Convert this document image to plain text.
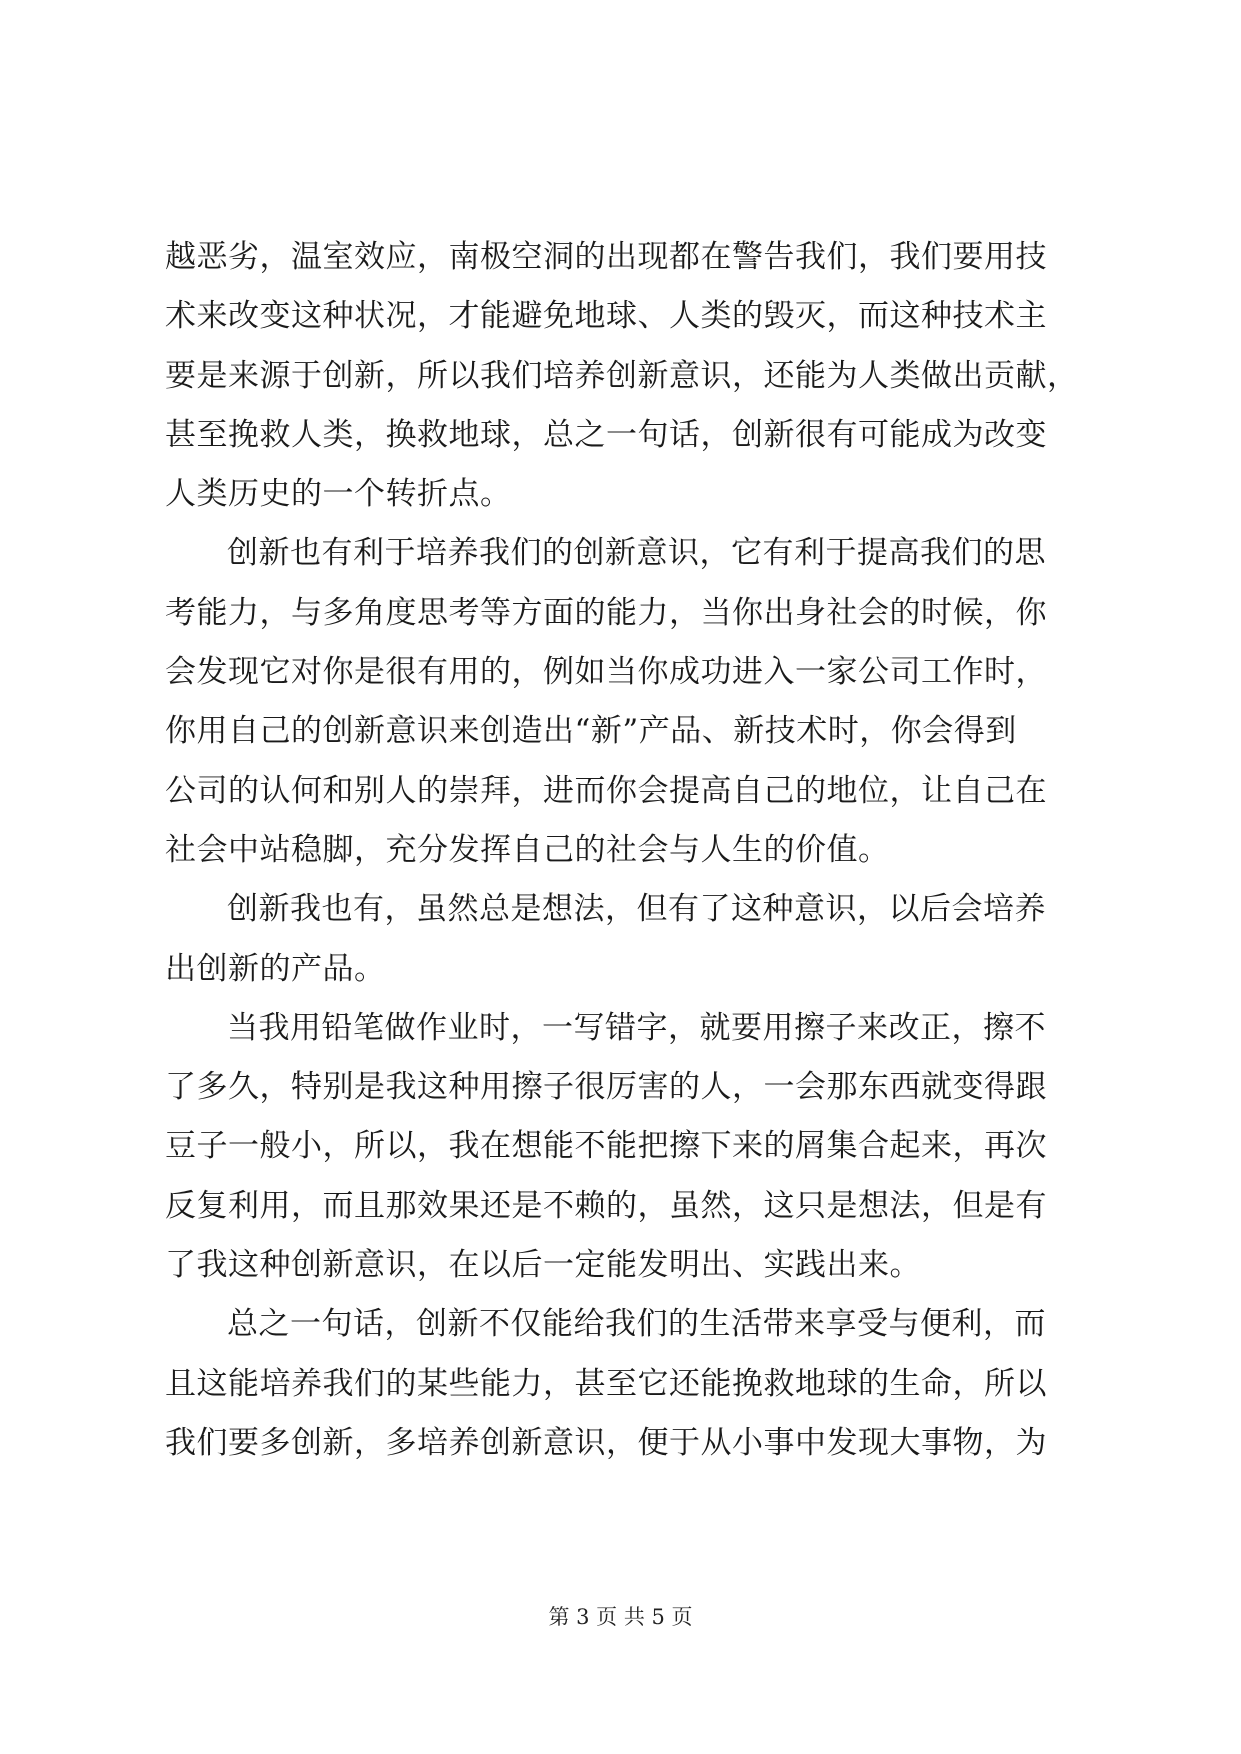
越恶劣，温室效应，南极空洞的出现都在警告我们，我们要用技
术来改变这种状况，才能避免地球、人类的毁灭，而这种技术主
要是来源于创新，所以我们培养创新意识，还能为人类做出贡献，
甚至挽救人类，换救地球，总之一句话，创新很有可能成为改变
人类历史的一个转折点。
创新也有利于培养我们的创新意识，它有利于提高我们的思
考能力，与多角度思考等方面的能力，当你出身社会的时候，你
会发现它对你是很有用的，例如当你成功进入一家公司工作时，
你用自己的创新意识来创造出“新”产品、新技术时，你会得到
公司的认何和别人的崇拜，进而你会提高自己的地位，让自己在
社会中站稳脚，充分发挥自己的社会与人生的价值。
创新我也有，虽然总是想法，但有了这种意识，以后会培养
出创新的产品。
当我用铅笔做作业时，一写错字，就要用擦子来改正，擦不
了多久，特别是我这种用擦子很厉害的人，一会那东西就变得跟
豆子一般小，所以，我在想能不能把擦下来的屑集合起来，再次
反复利用，而且那效果还是不赖的，虽然，这只是想法，但是有
了我这种创新意识，在以后一定能发明出、实践出来。
总之一句话，创新不仅能给我们的生活带来享受与便利，而
且这能培养我们的某些能力，甚至它还能挽救地球的生命，所以
我们要多创新，多培养创新意识，便于从小事中发现大事物，为
第 3 页 共 5 页
